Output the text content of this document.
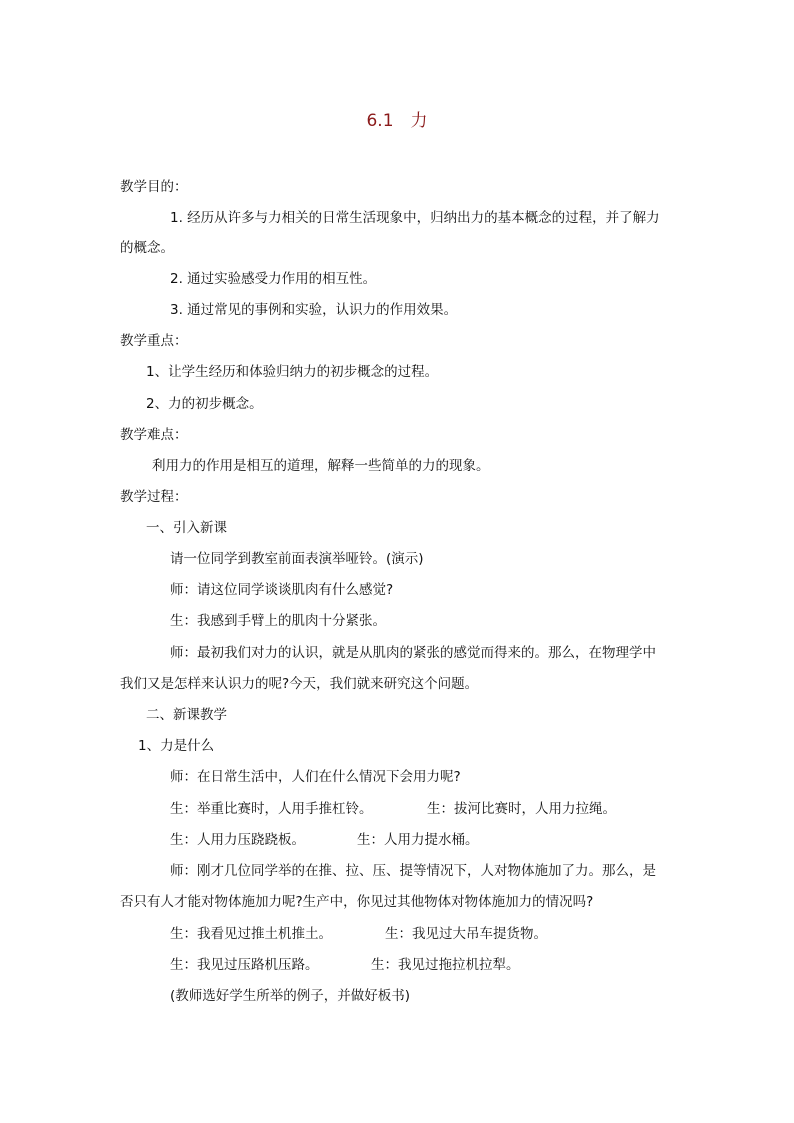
6.1　力
教学目的：
1. 经历从许多与力相关的日常生活现象中，归纳出力的基本概念的过程，并了解力
的概念。
2. 通过实验感受力作用的相互性。
3. 通过常见的事例和实验，认识力的作用效果。
教学重点：
1、让学生经历和体验归纳力的初步概念的过程。
2、力的初步概念。
教学难点：
利用力的作用是相互的道理，解释一些简单的力的现象。
教学过程：
一、引入新课
请一位同学到教室前面表演举哑铃。(演示)
师：请这位同学谈谈肌肉有什么感觉?
生：我感到手臂上的肌肉十分紧张。
师：最初我们对力的认识，就是从肌肉的紧张的感觉而得来的。那么，在物理学中
我们又是怎样来认识力的呢?今天，我们就来研究这个问题。
二、新课教学
1、力是什么
师：在日常生活中，人们在什么情况下会用力呢?
生：举重比赛时，人用手推杠铃。	生：拔河比赛时，人用力拉绳。
生：人用力压跷跷板。	生：人用力提水桶。
师：刚才几位同学举的在推、拉、压、提等情况下，人对物体施加了力。那么，是
否只有人才能对物体施加力呢?生产中，你见过其他物体对物体施加力的情况吗?
生：我看见过推土机推土。	生：我见过大吊车提货物。
生：我见过压路机压路。	生：我见过拖拉机拉犁。
(教师选好学生所举的例子，并做好板书)
